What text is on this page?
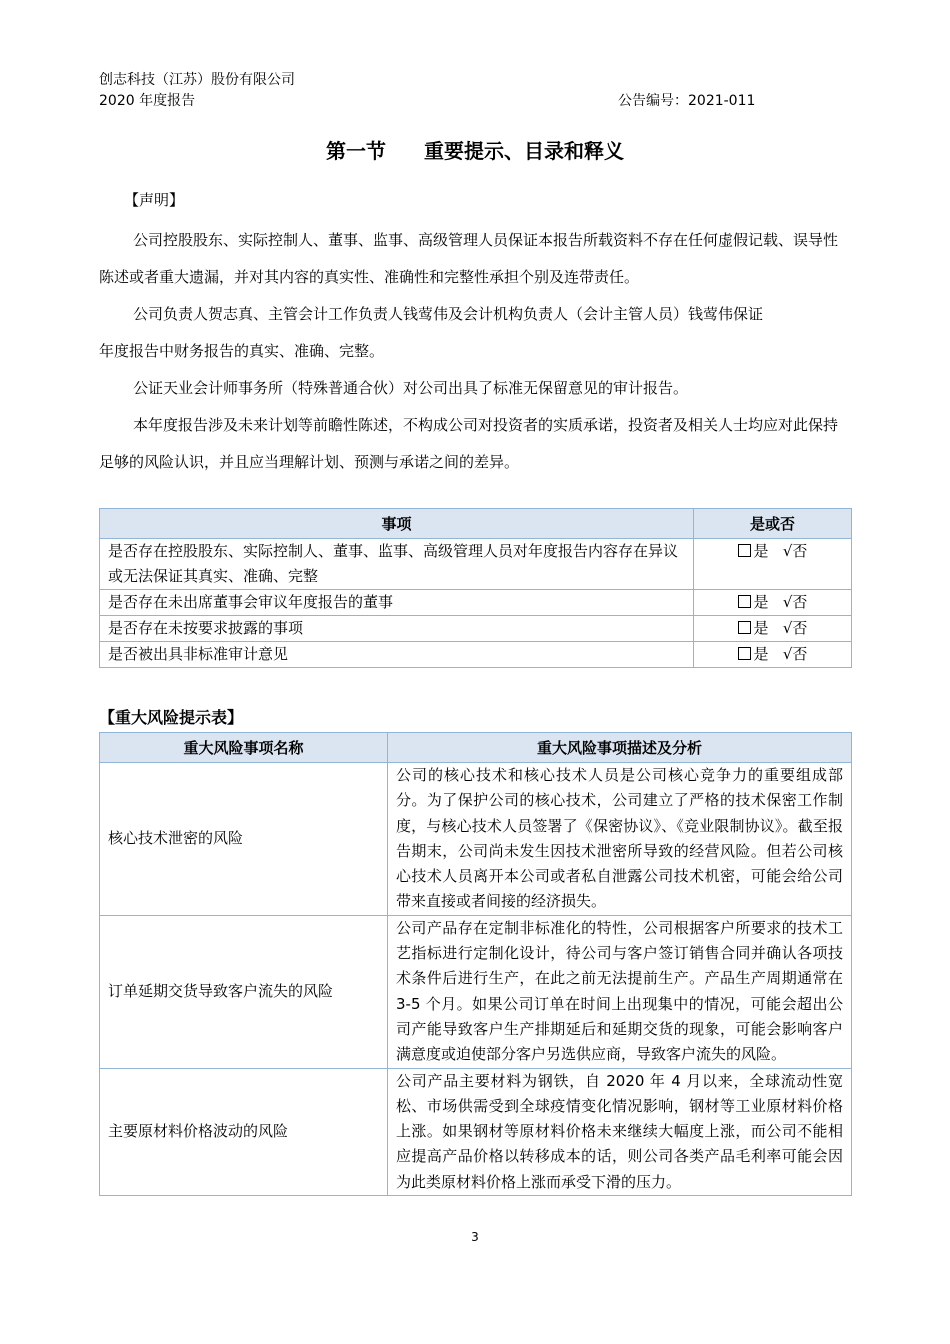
创志科技（江苏）股份有限公司
2020 年度报告	公告编号：2021-011
第一节 重要提示、目录和释义
【声明】
公司控股股东、实际控制人、董事、监事、高级管理人员保证本报告所载资料不存在任何虚假记载、误导性陈述或者重大遗漏，并对其内容的真实性、准确性和完整性承担个别及连带责任。
公司负责人贺志真、主管会计工作负责人钱莺伟及会计机构负责人（会计主管人员）钱莺伟保证
年度报告中财务报告的真实、准确、完整。
公证天业会计师事务所（特殊普通合伙）对公司出具了标准无保留意见的审计报告。
本年度报告涉及未来计划等前瞻性陈述，不构成公司对投资者的实质承诺，投资者及相关人士均应对此保持足够的风险认识，并且应当理解计划、预测与承诺之间的差异。
事项	是或否
是否存在控股股东、实际控制人、董事、监事、高级管理人员对年度报告内容存在异议或无法保证其真实、准确、完整	是 √否
是否存在未出席董事会审议年度报告的董事	是 √否
是否存在未按要求披露的事项	是 √否
是否被出具非标准审计意见	是 √否
【重大风险提示表】
重大风险事项名称	重大风险事项描述及分析
核心技术泄密的风险	公司的核心技术和核心技术人员是公司核心竞争力的重要组成部分。为了保护公司的核心技术，公司建立了严格的技术保密工作制度，与核心技术人员签署了《保密协议》、《竞业限制协议》。截至报告期末，公司尚未发生因技术泄密所导致的经营风险。但若公司核心技术人员离开本公司或者私自泄露公司技术机密，可能会给公司带来直接或者间接的经济损失。
订单延期交货导致客户流失的风险	公司产品存在定制非标准化的特性，公司根据客户所要求的技术工艺指标进行定制化设计，待公司与客户签订销售合同并确认各项技术条件后进行生产，在此之前无法提前生产。产品生产周期通常在 3-5 个月。如果公司订单在时间上出现集中的情况，可能会超出公司产能导致客户生产排期延后和延期交货的现象，可能会影响客户满意度或迫使部分客户另选供应商，导致客户流失的风险。
主要原材料价格波动的风险	公司产品主要材料为钢铁，自 2020 年 4 月以来，全球流动性宽松、市场供需受到全球疫情变化情况影响，钢材等工业原材料价格上涨。如果钢材等原材料价格未来继续大幅度上涨，而公司不能相应提高产品价格以转移成本的话，则公司各类产品毛利率可能会因为此类原材料价格上涨而承受下滑的压力。
3
